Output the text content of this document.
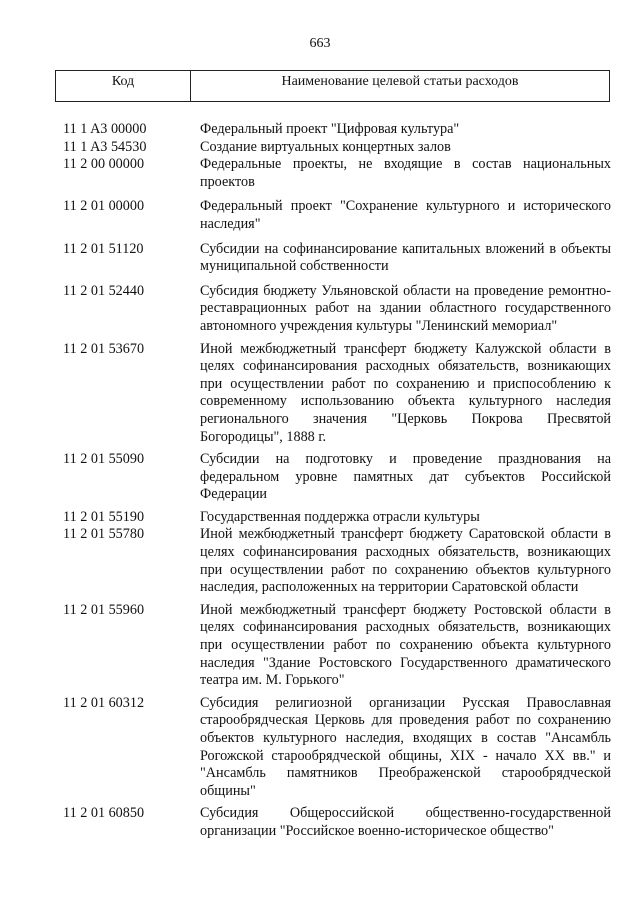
663
Код	Наименование целевой статьи расходов
11 1 A3 00000	Федеральный проект "Цифровая культура"
11 1 A3 54530	Создание виртуальных концертных залов
11 2 00 00000	Федеральные проекты, не входящие в состав национальных проектов
11 2 01 00000	Федеральный проект "Сохранение культурного и исторического наследия"
11 2 01 51120	Субсидии на софинансирование капитальных вложений в объекты муниципальной собственности
11 2 01 52440	Субсидия бюджету Ульяновской области на проведение ремонтно-реставрационных работ на здании областного государственного автономного учреждения культуры "Ленинский мемориал"
11 2 01 53670	Иной межбюджетный трансферт бюджету Калужской области в целях софинансирования расходных обязательств, возникающих при осуществлении работ по сохранению и приспособлению к современному использованию объекта культурного наследия регионального значения "Церковь Покрова Пресвятой Богородицы", 1888 г.
11 2 01 55090	Субсидии на подготовку и проведение празднования на федеральном уровне памятных дат субъектов Российской Федерации
11 2 01 55190	Государственная поддержка отрасли культуры
11 2 01 55780	Иной межбюджетный трансферт бюджету Саратовской области в целях софинансирования расходных обязательств, возникающих при осуществлении работ по сохранению объектов культурного наследия, расположенных на территории Саратовской области
11 2 01 55960	Иной межбюджетный трансферт бюджету Ростовской области в целях софинансирования расходных обязательств, возникающих при осуществлении работ по сохранению объекта культурного наследия "Здание Ростовского Государственного драматического театра им. М. Горького"
11 2 01 60312	Субсидия религиозной организации Русская Православная старообрядческая Церковь для проведения работ по сохранению объектов культурного наследия, входящих в состав "Ансамбль Рогожской старообрядческой общины, XIX - начало XX вв." и "Ансамбль памятников Преображенской старообрядческой общины"
11 2 01 60850	Субсидия Общероссийской общественно-государственной организации "Российское военно-историческое общество"
